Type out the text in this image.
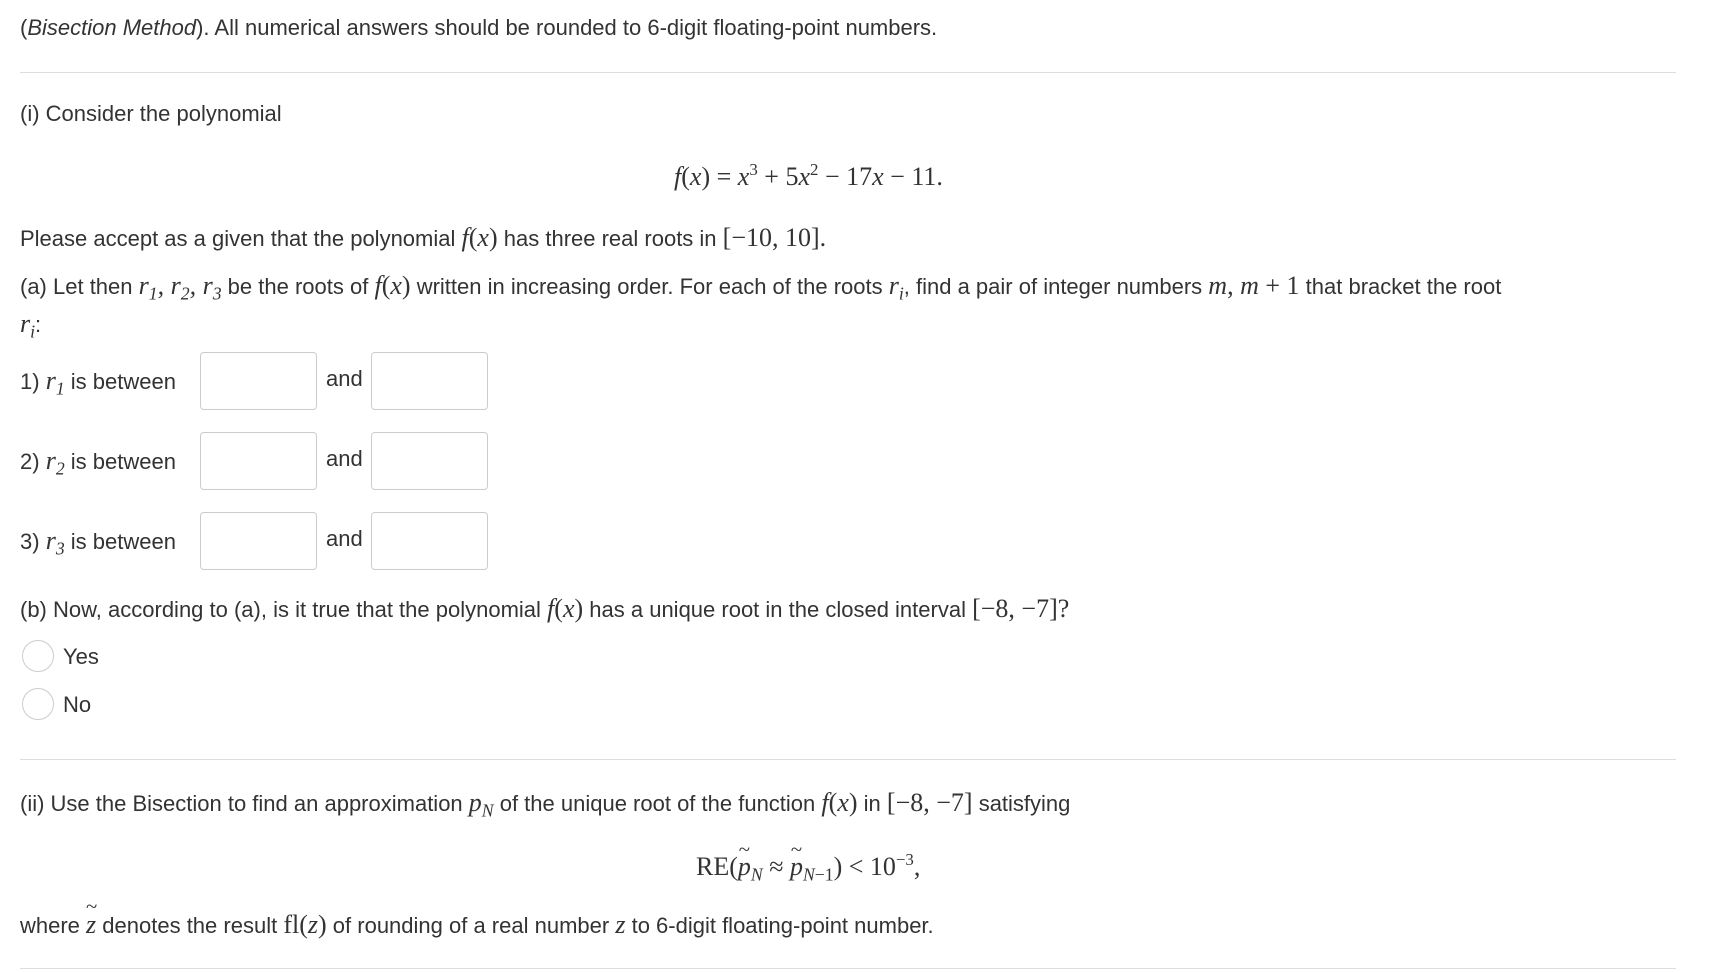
(Bisection Method). All numerical answers should be rounded to 6-digit floating-point numbers.
(i) Consider the polynomial
$f(x) = x^3 + 5x^2 - 17x - 11$.
Please accept as a given that the polynomial f(x) has three real roots in [−10, 10].
(a) Let then $r_1$, $r_2$, $r_3$ be the roots of f(x) written in increasing order. For each of the roots $r_i$, find a pair of integer numbers m, m + 1 that bracket the root
$r_i$:
1) $r_1$ is between	and
2) $r_2$ is between	and
3) $r_3$ is between	and
(b) Now, according to (a), is it true that the polynomial f(x) has a unique root in the closed interval [−8, −7]?
Yes
No
(ii) Use the Bisection to find an approximation $p_N$ of the unique root of the function f(x) in [−8, −7] satisfying
RE(~ $p_N$ ≈ ~ $p_{N-1}) < 10^{-3}$,
where ~ z denotes the result fl(z) of rounding of a real number z to 6-digit floating-point number.
